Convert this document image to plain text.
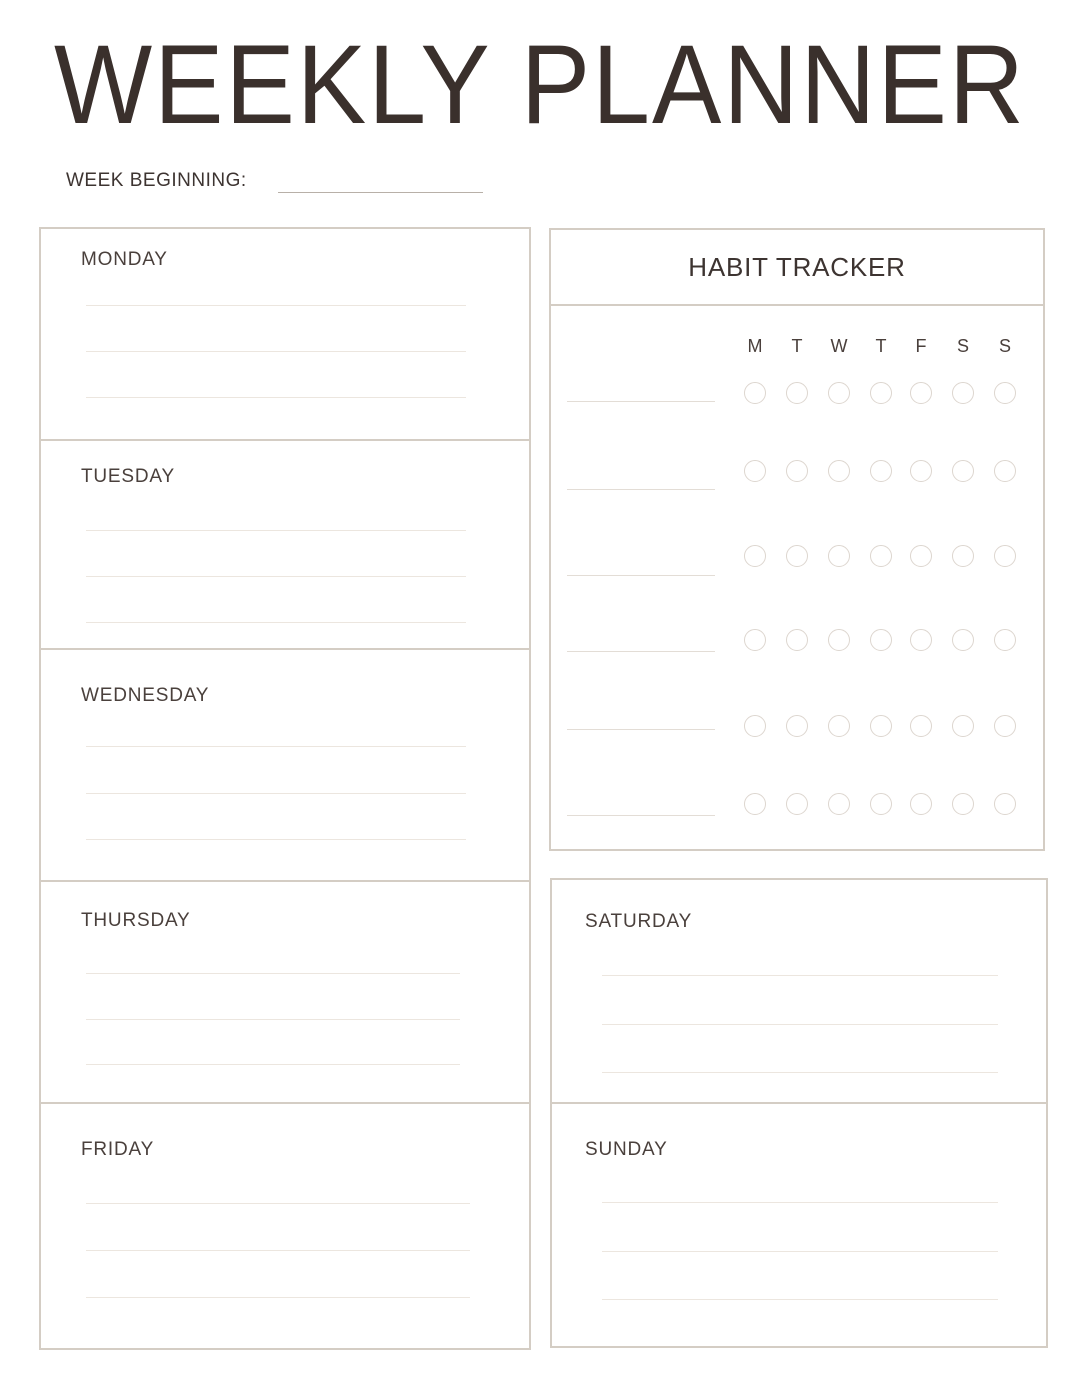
WEEKLY PLANNER
WEEK BEGINNING:
MONDAY
TUESDAY
WEDNESDAY
THURSDAY
FRIDAY
HABIT TRACKER
M	T	W	T	F	S	S
SATURDAY
SUNDAY
